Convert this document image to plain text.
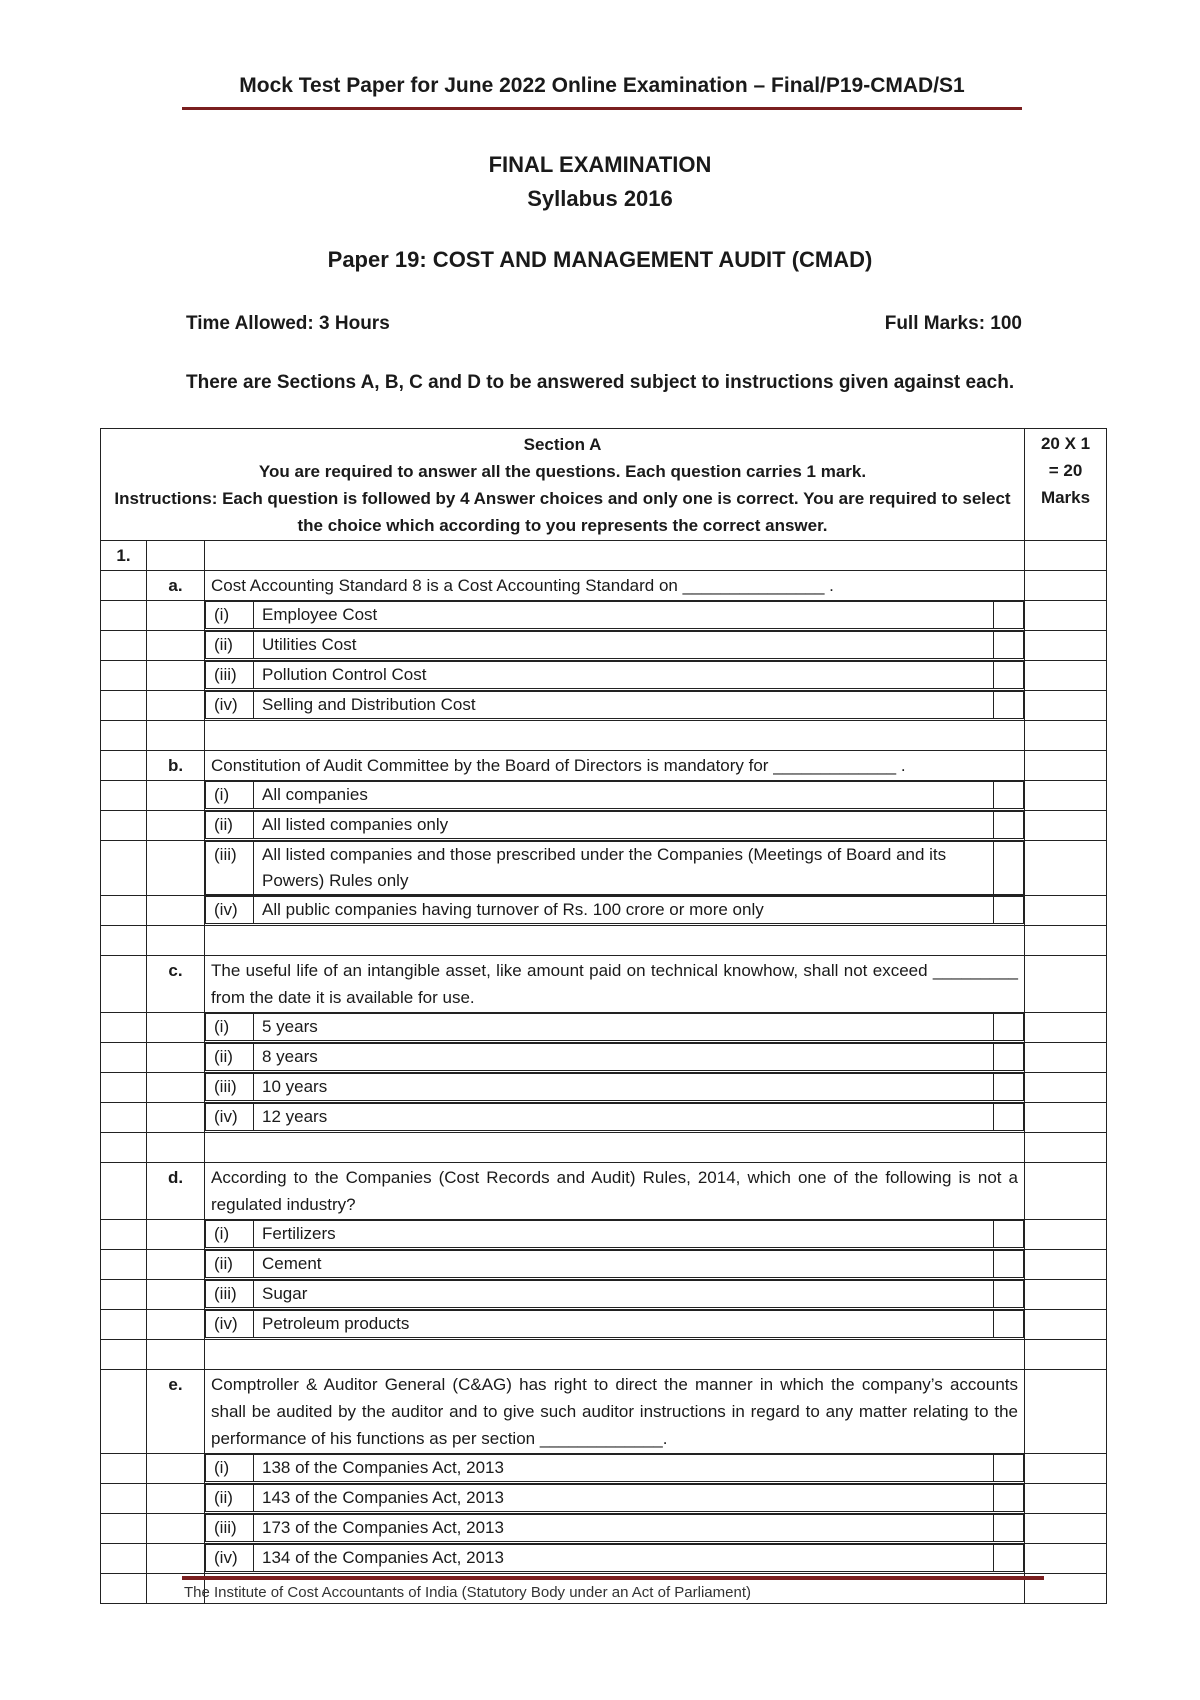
Mock Test Paper for June 2022 Online Examination – Final/P19-CMAD/S1
FINAL EXAMINATION
Syllabus 2016
Paper 19: COST AND MANAGEMENT AUDIT (CMAD)
Time Allowed: 3 Hours	Full Marks: 100
There are Sections A, B, C and D to be answered subject to instructions given against each.
Section A
You are required to answer all the questions. Each question carries 1 mark.
Instructions: Each question is followed by 4 Answer choices and only one is correct. You are required to select the choice which according to you represents the correct answer.

20 X 1
= 20
Marks

1.			
	a.	Cost Accounting Standard 8 is a Cost Accounting Standard on _______________ .	

(i)	Employee Cost	

(ii)	Utilities Cost	

(iii)	Pollution Control Cost	

(iv)	Selling and Distribution Cost	

	b.	Constitution of Audit Committee by the Board of Directors is mandatory for _____________ .	

(i)	All companies	

(ii)	All listed companies only	

(iii)	All listed companies and those prescribed under the Companies (Meetings of Board and its Powers) Rules only	

(iv)	All public companies having turnover of Rs. 100 crore or more only	

	c.	The useful life of an intangible asset, like amount paid on technical knowhow, shall not exceed _________ from the date it is available for use.	

(i)	5 years	

(ii)	8 years	

(iii)	10 years	

(iv)	12 years	

	d.	According to the Companies (Cost Records and Audit) Rules, 2014, which one of the following is not a regulated industry?	

(i)	Fertilizers	

(ii)	Cement	

(iii)	Sugar	

(iv)	Petroleum products	

	e.	Comptroller & Auditor General (C&AG) has right to direct the manner in which the company’s accounts shall be audited by the auditor and to give such auditor instructions in regard to any matter relating to the performance of his functions as per section _____________.	

(i)	138 of the Companies Act, 2013	

(ii)	143 of the Companies Act, 2013	

(iii)	173 of the Companies Act, 2013	

(iv)	134 of the Companies Act, 2013	

The Institute of Cost Accountants of India (Statutory Body under an Act of Parliament)
